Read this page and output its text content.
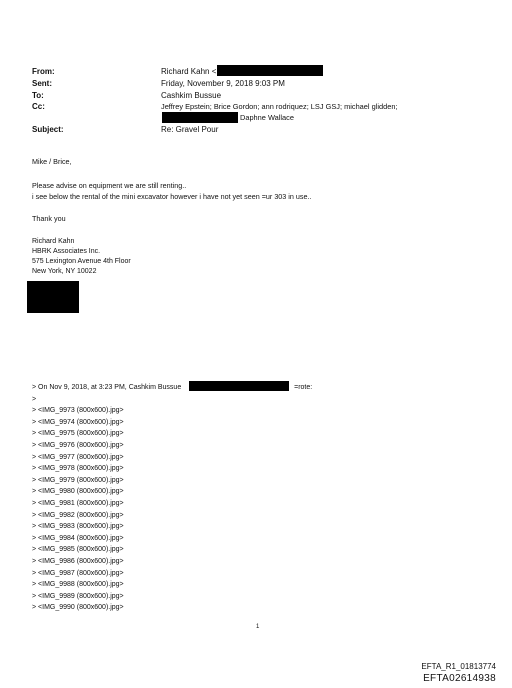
From:	Richard Kahn <
Sent:	Friday, November 9, 2018 9:03 PM
To:	Cashkim Bussue
Cc:	Jeffrey Epstein; Brice Gordon; ann rodriquez; LSJ GSJ; michael glidden;
Daphne Wallace
Subject:	Re: Gravel Pour
Mike / Brice,
Please advise on equipment we are still renting..
i see below the rental of the mini excavator however i have not yet seen =ur 303 in use..
Thank you
Richard Kahn
HBRK Associates Inc.
575 Lexington Avenue 4th Floor
New York, NY 10022
> On Nov 9, 2018, at 3:23 PM, Cashkim Bussue	=rote:
>
> <IMG_9973 (800x600).jpg>
> <IMG_9974 (800x600).jpg>
> <IMG_9975 (800x600).jpg>
> <IMG_9976 (800x600).jpg>
> <IMG_9977 (800x600).jpg>
> <IMG_9978 (800x600).jpg>
> <IMG_9979 (800x600).jpg>
> <IMG_9980 (800x600).jpg>
> <IMG_9981 (800x600).jpg>
> <IMG_9982 (800x600).jpg>
> <IMG_9983 (800x600).jpg>
> <IMG_9984 (800x600).jpg>
> <IMG_9985 (800x600).jpg>
> <IMG_9986 (800x600).jpg>
> <IMG_9987 (800x600).jpg>
> <IMG_9988 (800x600).jpg>
> <IMG_9989 (800x600).jpg>
> <IMG_9990 (800x600).jpg>
1
EFTA_R1_01813774
EFTA02614938
